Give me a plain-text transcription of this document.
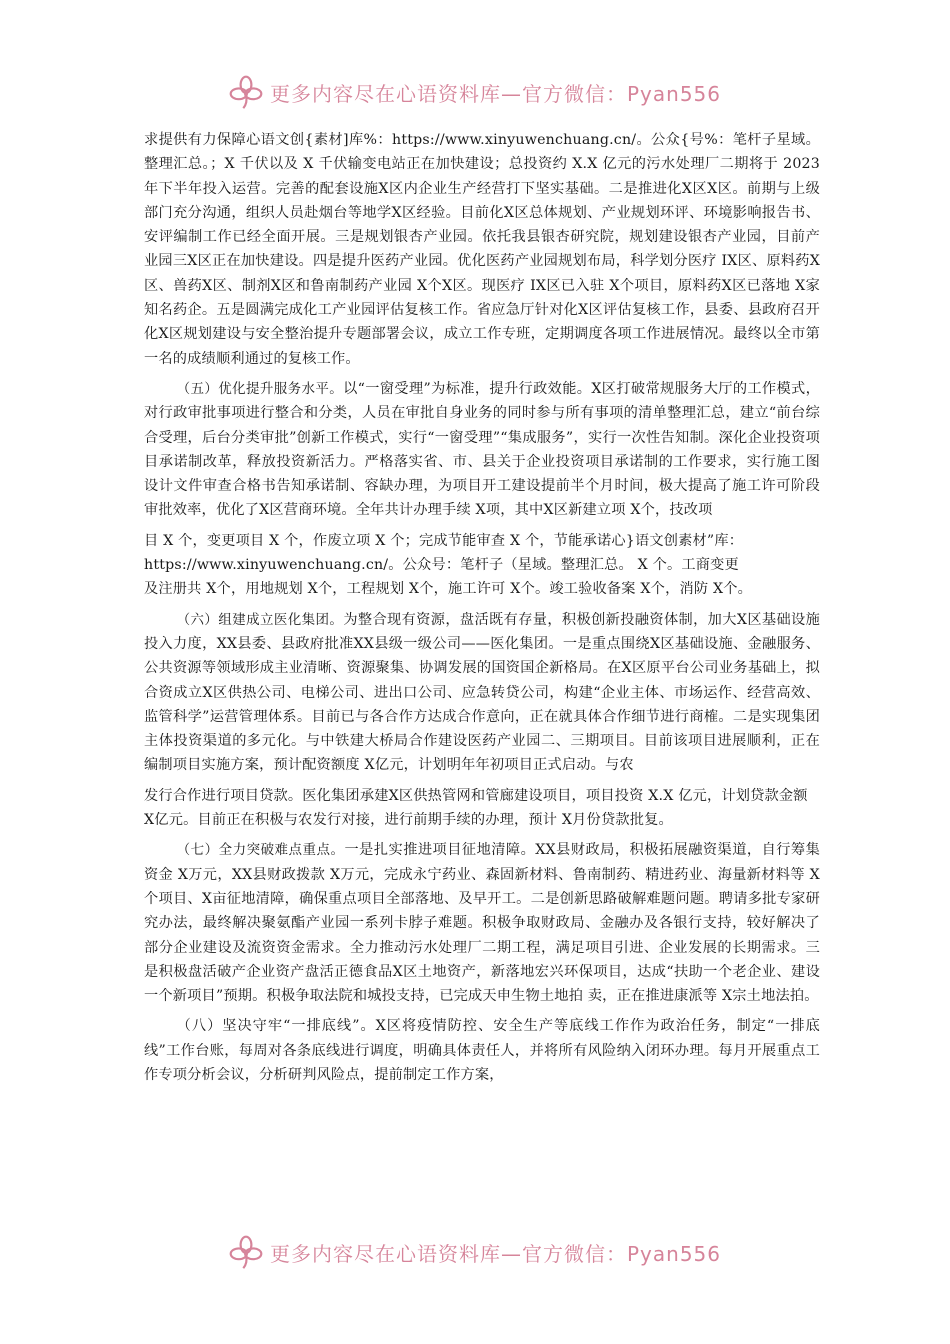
更多内容尽在心语资料库—官方微信：Pyan556

求提供有力保障心语文创{素材]库%：https://www.xinyuwenchuang.cn/。公众{号%：笔杆子星域。整理汇总。；X 千伏以及 X 千伏输变电站正在加快建设；总投资约 X.X 亿元的污水处理厂二期将于 2023 年下半年投入运营。完善的配套设施X区内企业生产经营打下坚实基础。二是推进化X区X区。前期与上级部门充分沟通，组织人员赴烟台等地学X区经验。目前化X区总体规划、产业规划环评、环境影响报告书、安评编制工作已经全面开展。三是规划银杏产业园。依托我县银杏研究院，规划建设银杏产业园，目前产业园三X区正在加快建设。四是提升医药产业园。优化医药产业园规划布局，科学划分医疗 IX区、原料药X区、兽药X区、制剂X区和鲁南制药产业园 X个X区。现医疗 IX区已入驻 X个项目，原料药X区已落地 X家知名药企。五是圆满完成化工产业园评估复核工作。省应急厅针对化X区评估复核工作，县委、县政府召开化X区规划建设与安全整治提升专题部署会议，成立工作专班，定期调度各项工作进展情况。最终以全市第一名的成绩顺利通过的复核工作。

（五）优化提升服务水平。以“一窗受理”为标准，提升行政效能。X区打破常规服务大厅的工作模式，对行政审批事项进行整合和分类，人员在审批自身业务的同时参与所有事项的清单整理汇总，建立“前台综合受理，后台分类审批”创新工作模式，实行“一窗受理”“集成服务”，实行一次性告知制。深化企业投资项目承诺制改革，释放投资新活力。严格落实省、市、县关于企业投资项目承诺制的工作要求，实行施工图设计文件审查合格书告知承诺制、容缺办理，为项目开工建设提前半个月时间，极大提高了施工许可阶段审批效率，优化了X区营商环境。全年共计办理手续 X项，其中X区新建立项 X个，技改项

目 X 个，变更项目 X 个，作废立项 X 个；完成节能审查 X 个，节能承诺心}语文创素材”库：https://www.xinyuwenchuang.cn/。公众号：笔杆子（星域。整理汇总。 X 个。工商变更

及注册共 X个，用地规划 X个，工程规划 X个，施工许可 X个。竣工验收备案 X个，消防 X个。

（六）组建成立医化集团。为整合现有资源，盘活既有存量，积极创新投融资体制，加大X区基础设施投入力度，XX县委、县政府批准XX县级一级公司——医化集团。一是重点围绕X区基础设施、金融服务、公共资源等领域形成主业清晰、资源聚集、协调发展的国资国企新格局。在X区原平台公司业务基础上，拟合资成立X区供热公司、电梯公司、进出口公司、应急转贷公司，构建“企业主体、市场运作、经营高效、监管科学”运营管理体系。目前已与各合作方达成合作意向，正在就具体合作细节进行商榷。二是实现集团主体投资渠道的多元化。与中铁建大桥局合作建设医药产业园二、三期项目。目前该项目进展顺利，正在编制项目实施方案，预计配资额度 X亿元，计划明年年初项目正式启动。与农

发行合作进行项目贷款。医化集团承建X区供热管网和管廊建设项目，项目投资 X.X 亿元，计划贷款金额 X亿元。目前正在积极与农发行对接，进行前期手续的办理，预计 X月份贷款批复。

（七）全力突破难点重点。一是扎实推进项目征地清障。XX县财政局，积极拓展融资渠道，自行筹集资金 X万元，XX县财政拨款 X万元，完成永宁药业、森固新材料、鲁南制药、精进药业、海量新材料等 X个项目、X亩征地清障，确保重点项目全部落地、及早开工。二是创新思路破解难题问题。聘请多批专家研究办法，最终解决聚氨酯产业园一系列卡脖子难题。积极争取财政局、金融办及各银行支持，较好解决了部分企业建设及流资资金需求。全力推动污水处理厂二期工程，满足项目引进、企业发展的长期需求。三是积极盘活破产企业资产盘活正德食品X区土地资产，新落地宏兴环保项目，达成“扶助一个老企业、建设一个新项目”预期。积极争取法院和城投支持，已完成天申生物土地拍 卖，正在推进康派等 X宗土地法拍。

（八）坚决守牢“一排底线”。X区将疫情防控、安全生产等底线工作作为政治任务，制定“一排底线”工作台账，每周对各条底线进行调度，明确具体责任人，并将所有风险纳入闭环办理。每月开展重点工作专项分析会议，分析研判风险点，提前制定工作方案，

更多内容尽在心语资料库—官方微信：Pyan556
